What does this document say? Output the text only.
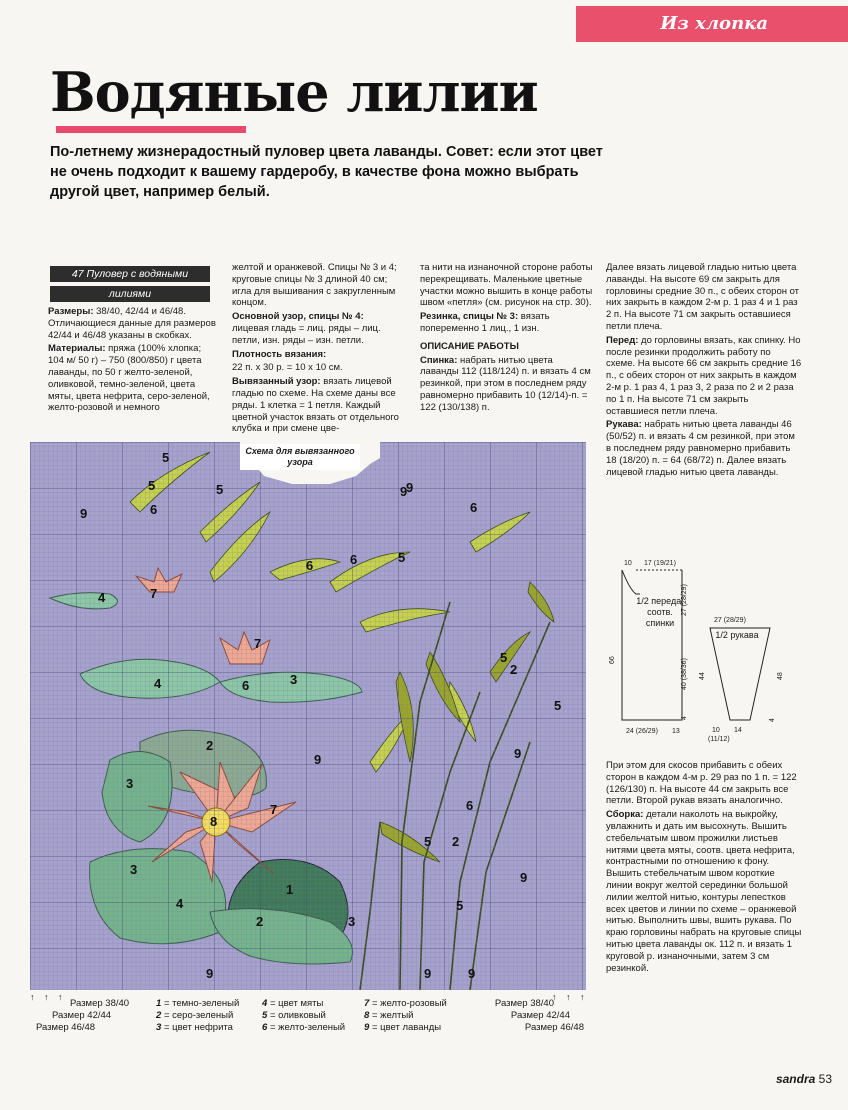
Из хлопка
Водяные лилии
По-летнему жизнерадостный пуловер цвета лаванды. Совет: если этот цвет не очень подходит к вашему гардеробу, в качестве фона можно выбрать другой цвет, например белый.
47 Пуловер с водяными
лилиями

Размеры: 38/40, 42/44 и 46/48. Отличающиеся данные для размеров 42/44 и 46/48 указаны в скобках.

Материалы: пряжа (100% хлопка; 104 м/ 50 г) – 750 (800/850) г цвета лаванды, по 50 г желто-зеленой, оливковой, темно-зеленой, цвета мяты, цвета нефрита, серо-зеленой, желто-розовой и немного

желтой и оранжевой. Спицы № 3 и 4; круговые спицы № 3 длиной 40 см; игла для вышивания с закругленным концом.

Основной узор, спицы № 4: лицевая гладь = лиц. ряды – лиц. петли, изн. ряды – изн. петли.

Плотность вязания:

22 п. х 30 р. = 10 х 10 см.

Вывязанный узор: вязать лицевой гладью по схеме. На схеме даны все ряды. 1 клетка = 1 петля. Каждый цветной участок вязать от отдельного клубка и при смене цве-

та нити на изнаночной стороне работы перекрещивать. Маленькие цветные участки можно вышить в конце работы швом «петля» (см. рисунок на стр. 30).

Резинка, спицы № 3: вязать попеременно 1 лиц., 1 изн.

ОПИСАНИЕ РАБОТЫ

Спинка: набрать нитью цвета лаванды 112 (118/124) п. и вязать 4 см резинкой, при этом в последнем ряду равномерно прибавить 10 (12/14)-п. = 122 (130/138) п.

Далее вязать лицевой гладью нитью цвета лаванды. На высоте 69 см закрыть для горловины средние 30 п., с обеих сторон от них закрыть в каждом 2-м р. 1 раз 4 и 1 раз 2 п. На высоте 71 см закрыть оставшиеся петли плеча.

Перед: до горловины вязать, как спинку. Но после резинки продолжить работу по схеме. На высоте 66 см закрыть средние 16 п., с обеих сторон от них закрыть в каждом 2-м р. 1 раз 4, 1 раз 3, 2 раза по 2 и 2 раза по 1 п. На высоте 71 см закрыть оставшиеся петли плеча.

Рукава: набрать нитью цвета лаванды 46 (50/52) п. и вязать 4 см резинкой, при этом в последнем ряду равномерно прибавить 18 (18/20) п. = 64 (68/72) п. Далее вязать лицевой гладью нитью цвета лаванды.

10 17 (19/21)
27 (28/29)
66	40 (38/36)
4
24 (26/29) 13
27 (28/29)
48
44
4
10 14
(11/12)
1/2 переда, соотв. спинки
1/2 рукава

При этом для скосов прибавить с обеих сторон в каждом 4-м р. 29 раз по 1 п. = 122 (126/130) п. На высоте 44 см закрыть все петли. Второй рукав вязать аналогично.

Сборка: детали наколоть на выкройку, увлажнить и дать им высохнуть. Вышить стебельчатым швом прожилки листьев нитями цвета мяты, соотв. цвета нефрита, контрастными по отношению к фону. Вышить стебельчатым швом короткие линии вокруг желтой серединки большой лилии желтой нитью, контуры лепестков всех цветов и линии по схеме – оранжевой нитью. Выполнить швы, вшить рукава. По краю горловины набрать на круговые спицы нитью цвета лаванды ок. 112 п. и вязать 1 круговой р. изнаночными, затем 3 см резинкой.

Схема для вывязанного узора
9
5
5
6
5
4	7
4	3
7
6
6	6	5
9
2
3
8
7
9
1
4
3
2
3
5 2
9	9	9
9
9
9
6
5
5
5
6
2
↑ ↑ ↑	↑ ↑ ↑
Размер 38/40
Размер 42/44
Размер 46/48
1 = темно-зеленый
2 = серо-зеленый
3 = цвет нефрита
4 = цвет мяты
5 = оливковый
6 = желто-зеленый
7 = желто-розовый
8 = желтый
9 = цвет лаванды
Размер 38/40
Размер 42/44
Размер 46/48
sandra 53
